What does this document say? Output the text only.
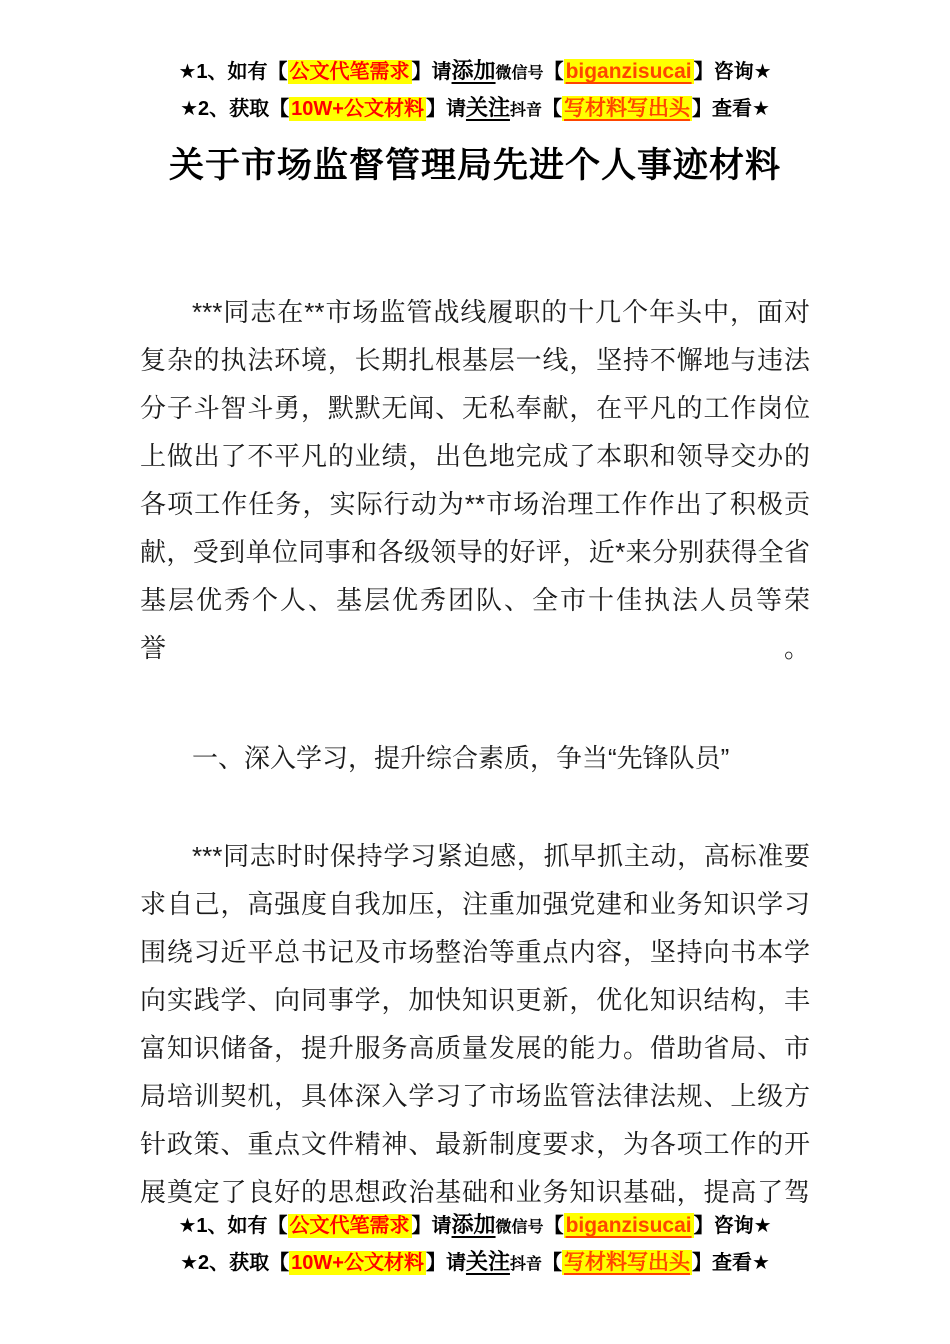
★1、如有【 公文代笔需求 】请添加微信号【biganzisucai 】咨询★
★2、获取【 10W+公文材料 】请关注抖音【写材料写出头 】查看★
关于市场监督管理局先进个人事迹材料
***同志在**市场监管战线履职的十几个年头中，面对
复杂的执法环境，长期扎根基层一线，坚持不懈地与违法
分子斗智斗勇，默默无闻、无私奉献，在平凡的工作岗位
上做出了不平凡的业绩，出色地完成了本职和领导交办的
各项工作任务，实际行动为**市场治理工作作出了积极贡
献，受到单位同事和各级领导的好评，近*来分别获得全省
基层优秀个人、基层优秀团队、全市十佳执法人员等荣誉。
一、深入学习，提升综合素质，争当“先锋队员”
***同志时时保持学习紧迫感，抓早抓主动，高标准要
求自己，高强度自我加压，注重加强党建和业务知识学习
围绕习近平总书记及市场整治等重点内容，坚持向书本学
向实践学、向同事学，加快知识更新，优化知识结构，丰
富知识储备，提升服务高质量发展的能力。借助省局、市
局培训契机，具体深入学习了市场监管法律法规、上级方
针政策、重点文件精神、最新制度要求，为各项工作的开
展奠定了良好的思想政治基础和业务知识基础，提高了驾
★1、如有【 公文代笔需求 】请添加微信号【biganzisucai 】咨询★
★2、获取【 10W+公文材料 】请关注抖音【写材料写出头 】查看★
